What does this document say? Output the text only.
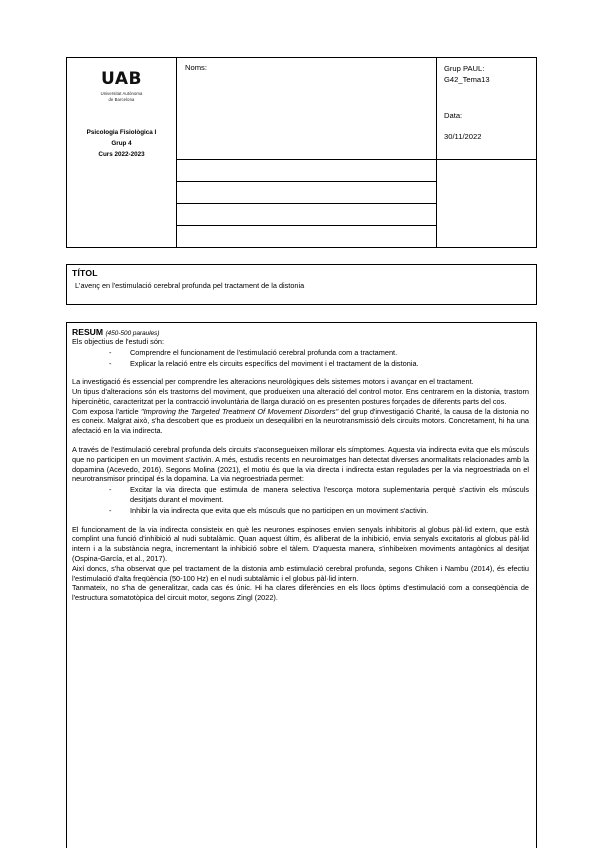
UAB
Universitat Autònoma
de Barcelona
Psicologia Fisiològica I
Grup 4
Curs 2022-2023
Noms:	Grup PAUL:
G42_Tema13
Data:
30/11/2022
TÍTOL
L'avenç en l'estimulació cerebral profunda pel tractament de la distonia
RESUM (450-500 paraules)
Els objectius de l'estudi són:
-	Comprendre el funcionament de l'estimulació cerebral profunda com a tractament.
-	Explicar la relació entre els circuits específics del moviment i el tractament de la distonia.

La investigació és essencial per comprendre les alteracions neurològiques dels sistemes motors i avançar en el tractament.

Un tipus d'alteracions són els trastorns del moviment, que produeixen una alteració del control motor. Ens centrarem en la distonia, trastorn hipercinètic, caracteritzat per la contracció involuntària de llarga duració on es presenten postures forçades de diferents parts del cos.

Com exposa l'article "Improving the Targeted Treatment Of Movement Disorders" del grup d'investigació Charité, la causa de la distonia no es coneix. Malgrat això, s'ha descobert que es produeix un desequilibri en la neurotransmissió dels circuits motors. Concretament, hi ha una afectació en la via indirecta.

A través de l'estimulació cerebral profunda dels circuits s'aconsegueixen millorar els símptomes. Aquesta via indirecta evita que els músculs que no participen en un moviment s'activin. A més, estudis recents en neuroimatges han detectat diverses anormalitats relacionades amb la dopamina (Acevedo, 2016). Segons Molina (2021), el motiu és que la via directa i indirecta estan regulades per la via negroestriada on el neurotransmisor principal és la dopamina. La via negroestriada permet:

-	Excitar la via directa que estimula de manera selectiva l'escorça motora suplementaria perquè s'activin els músculs desitjats durant el moviment.
-	Inhibir la via indirecta que evita que els músculs que no participen en un moviment s'activin.

El funcionament de la via indirecta consisteix en què les neurones espinoses envien senyals inhibitoris al globus pàl·lid extern, que està complint una funció d'inhibició al nudi subtalàmic. Quan aquest últim, és alliberat de la inhibició, envia senyals excitatoris al globus pàl·lid intern i a la substància negra, incrementant la inhibició sobre el tàlem. D'aquesta manera, s'inhibeixen moviments antagònics al desitjat (Ospina-García, et al., 2017).

Així doncs, s'ha observat que pel tractament de la distonia amb estimulació cerebral profunda, segons Chiken i Nambu (2014), és efectiu l'estimulació d'alta freqüència (50-100 Hz) en el nudi subtalàmic i el globus pàl·lid intern.

Tanmateix, no s'ha de generalitzar, cada cas és únic. Hi ha clares diferències en els llocs òptims d'estimulació com a conseqüència de l'estructura somatotòpica del circuit motor, segons Zingl (2022).
